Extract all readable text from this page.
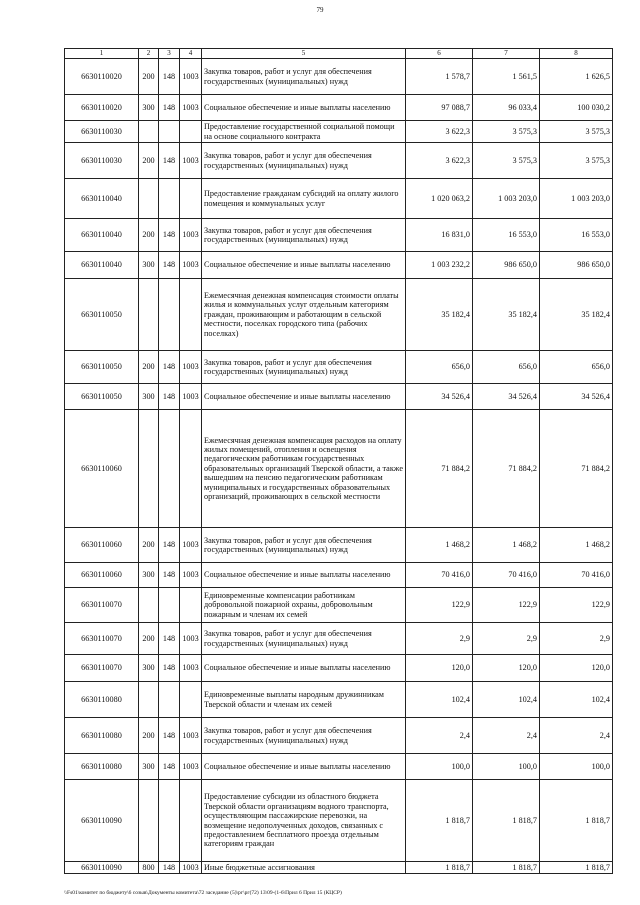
79
1	2	3	4	5	6	7	8
6630110020	200	148	1003	Закупка товаров, работ и услуг для обеспечения государственных (муниципальных) нужд	1 578,7	1 561,5	1 626,5
6630110020	300	148	1003	Социальное обеспечение и иные выплаты населению	97 088,7	96 033,4	100 030,2
6630110030				Предоставление государственной социальной помощи на основе социального контракта	3 622,3	3 575,3	3 575,3
6630110030	200	148	1003	Закупка товаров, работ и услуг для обеспечения государственных (муниципальных) нужд	3 622,3	3 575,3	3 575,3
6630110040				Предоставление гражданам субсидий на оплату жилого помещения и коммунальных услуг	1 020 063,2	1 003 203,0	1 003 203,0
6630110040	200	148	1003	Закупка товаров, работ и услуг для обеспечения государственных (муниципальных) нужд	16 831,0	16 553,0	16 553,0
6630110040	300	148	1003	Социальное обеспечение и иные выплаты населению	1 003 232,2	986 650,0	986 650,0
6630110050				Ежемесячная денежная компенсация стоимости оплаты жилья и коммунальных услуг отдельным категориям граждан, проживающим и работающим в сельской местности, поселках городского типа (рабочих поселках)	35 182,4	35 182,4	35 182,4
6630110050	200	148	1003	Закупка товаров, работ и услуг для обеспечения государственных (муниципальных) нужд	656,0	656,0	656,0
6630110050	300	148	1003	Социальное обеспечение и иные выплаты населению	34 526,4	34 526,4	34 526,4
6630110060				Ежемесячная денежная компенсация расходов на оплату жилых помещений, отопления и освещения педагогическим работникам государственных образовательных организаций Тверской области, а также вышедшим на пенсию педагогическим работникам муниципальных и государственных образовательных организаций, проживающих в сельской местности	71 884,2	71 884,2	71 884,2
6630110060	200	148	1003	Закупка товаров, работ и услуг для обеспечения государственных (муниципальных) нужд	1 468,2	1 468,2	1 468,2
6630110060	300	148	1003	Социальное обеспечение и иные выплаты населению	70 416,0	70 416,0	70 416,0
6630110070				Единовременные компенсации работникам добровольной пожарной охраны, добровольным пожарным и членам их семей	122,9	122,9	122,9
6630110070	200	148	1003	Закупка товаров, работ и услуг для обеспечения государственных (муниципальных) нужд	2,9	2,9	2,9
6630110070	300	148	1003	Социальное обеспечение и иные выплаты населению	120,0	120,0	120,0
6630110080				Единовременные выплаты народным дружинникам Тверской области и членам их семей	102,4	102,4	102,4
6630110080	200	148	1003	Закупка товаров, работ и услуг для обеспечения государственных (муниципальных) нужд	2,4	2,4	2,4
6630110080	300	148	1003	Социальное обеспечение и иные выплаты населению	100,0	100,0	100,0
6630110090				Предоставление субсидии из областного бюджета Тверской области организациям водного транспорта, осуществляющим пассажирские перевозки, на возмещение недополученных доходов, связанных с предоставлением бесплатного проезда отдельным категориям граждан	1 818,7	1 818,7	1 818,7
6630110090	800	148	1003	Иные бюджетные ассигнования	1 818,7	1 818,7	1 818,7
\\Fs01\комитет по бюджету\6 созыв\Документы комитета\72 заседание (5)\рг\рг(72) 13\09-(1-6\Прил 6 Прил 15 (КЦСР)
